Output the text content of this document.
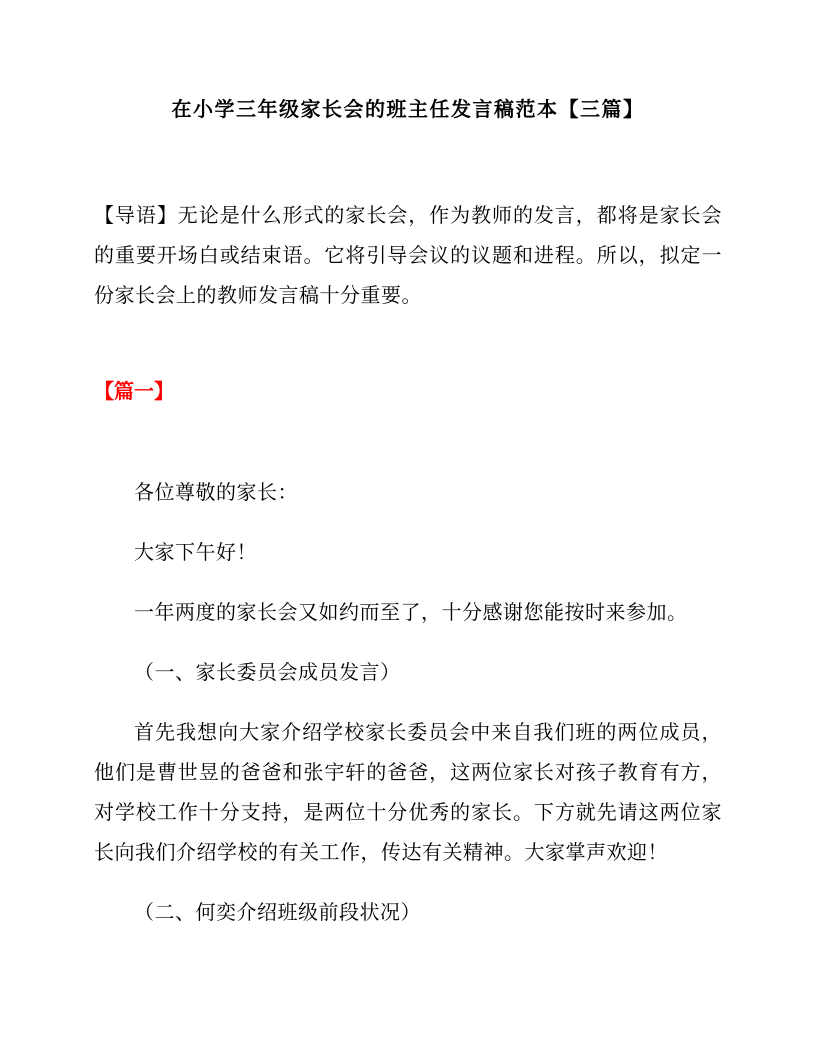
在小学三年级家长会的班主任发言稿范本【三篇】

【导语】无论是什么形式的家长会，作为教师的发言，都将是家长会的重要开场白或结束语。它将引导会议的议题和进程。所以，拟定一份家长会上的教师发言稿十分重要。

【篇一】

各位尊敬的家长：

大家下午好！

一年两度的家长会又如约而至了，十分感谢您能按时来参加。

（一、家长委员会成员发言）

首先我想向大家介绍学校家长委员会中来自我们班的两位成员，他们是曹世昱的爸爸和张宇轩的爸爸，这两位家长对孩子教育有方，对学校工作十分支持，是两位十分优秀的家长。下方就先请这两位家长向我们介绍学校的有关工作，传达有关精神。大家掌声欢迎！

（二、何奕介绍班级前段状况）
